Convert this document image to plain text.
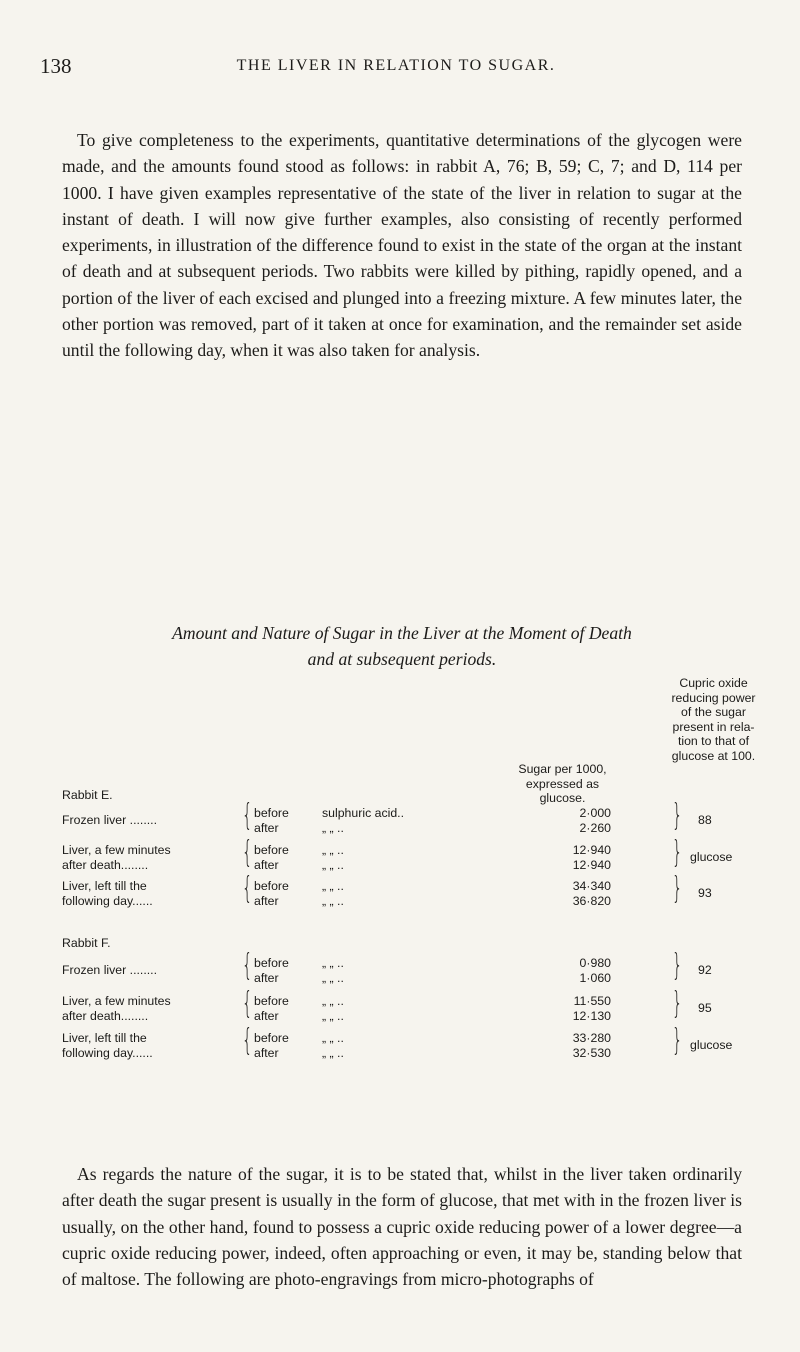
138	THE LIVER IN RELATION TO SUGAR.

To give completeness to the experiments, quantitative determinations of the glycogen were made, and the amounts found stood as follows: in rabbit A, 76; B, 59; C, 7; and D, 114 per 1000. I have given examples representative of the state of the liver in relation to sugar at the instant of death. I will now give further examples, also consisting of recently performed experiments, in illustration of the difference found to exist in the state of the organ at the instant of death and at subsequent periods. Two rabbits were killed by pithing, rapidly opened, and a portion of the liver of each excised and plunged into a freezing mixture. A few minutes later, the other portion was removed, part of it taken at once for examination, and the remainder set aside until the following day, when it was also taken for analysis.

Amount and Nature of Sugar in the Liver at the Moment of Death
and at subsequent periods.
Sugar per 1000,
expressed as
glucose.
Cupric oxide
reducing power
of the sugar
present in rela-
tion to that of
glucose at 100.
Rabbit E.
Frozen liver ........	{ before	sulphuric acid..	2·000
after	„ „ ..	2·260 } 88
Liver, a few minutes
after death........	{ before	„ „ ..	12·940
after	„ „ ..	12·940 } glucose
Liver, left till the
following day......	{ before	„ „ ..	34·340
after	„ „ ..	36·820 } 93
Rabbit F.
Frozen liver ........	{ before	„ „ ..	0·980
after	„ „ ..	1·060 } 92
Liver, a few minutes
after death........	{ before	„ „ ..	11·550
after	„ „ ..	12·130 } 95
Liver, left till the
following day......	{ before	„ „ ..	33·280
after	„ „ ..	32·530 } glucose

As regards the nature of the sugar, it is to be stated that, whilst in the liver taken ordinarily after death the sugar present is usually in the form of glucose, that met with in the frozen liver is usually, on the other hand, found to possess a cupric oxide reducing power of a lower degree—a cupric oxide reducing power, indeed, often approaching or even, it may be, standing below that of maltose. The following are photo-engravings from micro-photographs of
